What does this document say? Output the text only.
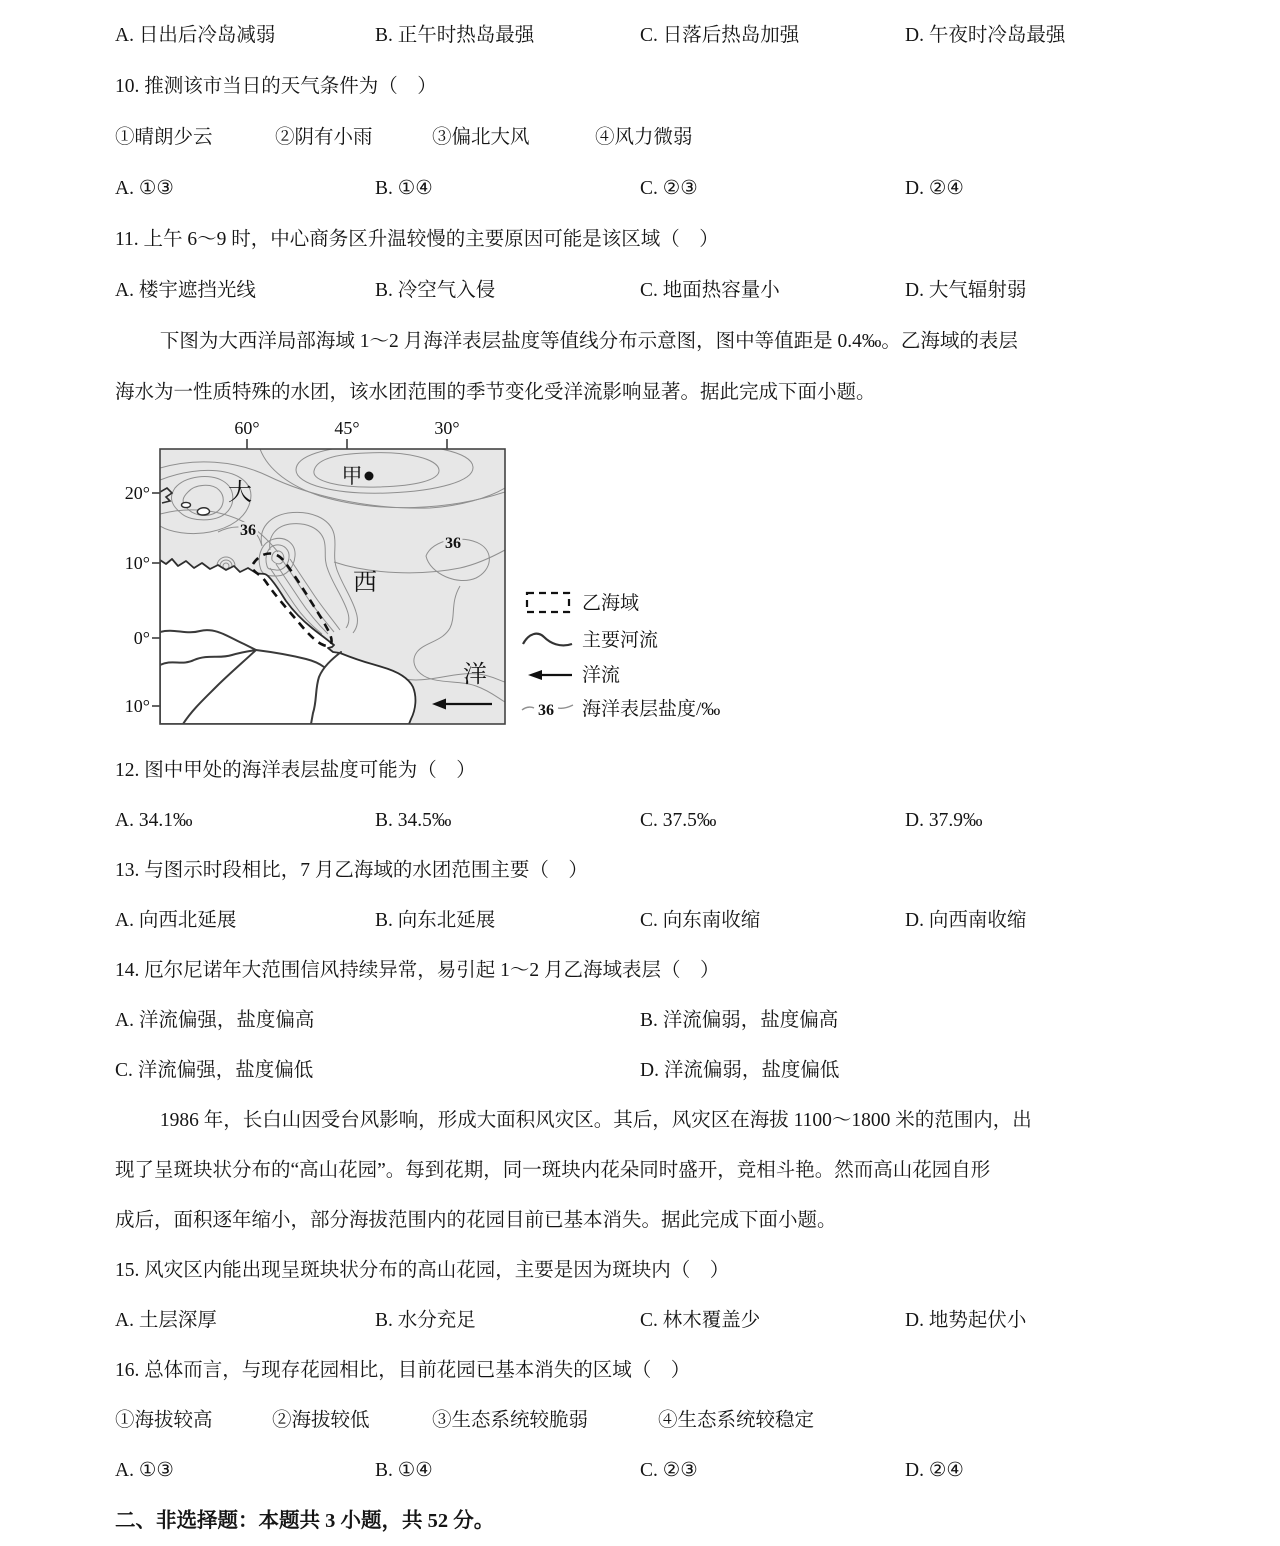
A. 日出后冷岛减弱	B. 正午时热岛最强	C. 日落后热岛加强	D. 午夜时冷岛最强
10. 推测该市当日的天气条件为（　）
①晴朗少云	②阴有小雨	③偏北大风	④风力微弱
A. ①③	B. ①④	C. ②③	D. ②④
11. 上午 6～9 时，中心商务区升温较慢的主要原因可能是该区域（　）
A. 楼宇遮挡光线	B. 冷空气入侵	C. 地面热容量小	D. 大气辐射弱
下图为大西洋局部海域 1～2 月海洋表层盐度等值线分布示意图，图中等值距是 0.4‰。乙海域的表层
海水为一性质特殊的水团，该水团范围的季节变化受洋流影响显著。据此完成下面小题。
60°	45°	30°
20°
10°
0°
10°
大
西
洋
甲
36
36
乙海域
主要河流
洋流
36 海洋表层盐度/‰
12. 图中甲处的海洋表层盐度可能为（　）
A. 34.1‰	B. 34.5‰	C. 37.5‰	D. 37.9‰
13. 与图示时段相比，7 月乙海域的水团范围主要（　）
A. 向西北延展	B. 向东北延展	C. 向东南收缩	D. 向西南收缩
14. 厄尔尼诺年大范围信风持续异常，易引起 1～2 月乙海域表层（　）
A. 洋流偏强，盐度偏高	B. 洋流偏弱，盐度偏高
C. 洋流偏强，盐度偏低	D. 洋流偏弱，盐度偏低
1986 年，长白山因受台风影响，形成大面积风灾区。其后，风灾区在海拔 1100～1800 米的范围内，出
现了呈斑块状分布的“高山花园”。每到花期，同一斑块内花朵同时盛开，竞相斗艳。然而高山花园自形
成后，面积逐年缩小，部分海拔范围内的花园目前已基本消失。据此完成下面小题。
15. 风灾区内能出现呈斑块状分布的高山花园，主要是因为斑块内（　）
A. 土层深厚	B. 水分充足	C. 林木覆盖少	D. 地势起伏小
16. 总体而言，与现存花园相比，目前花园已基本消失的区域（　）
①海拔较高	②海拔较低	③生态系统较脆弱	④生态系统较稳定
A. ①③	B. ①④	C. ②③	D. ②④
二、非选择题：本题共 3 小题，共 52 分。
